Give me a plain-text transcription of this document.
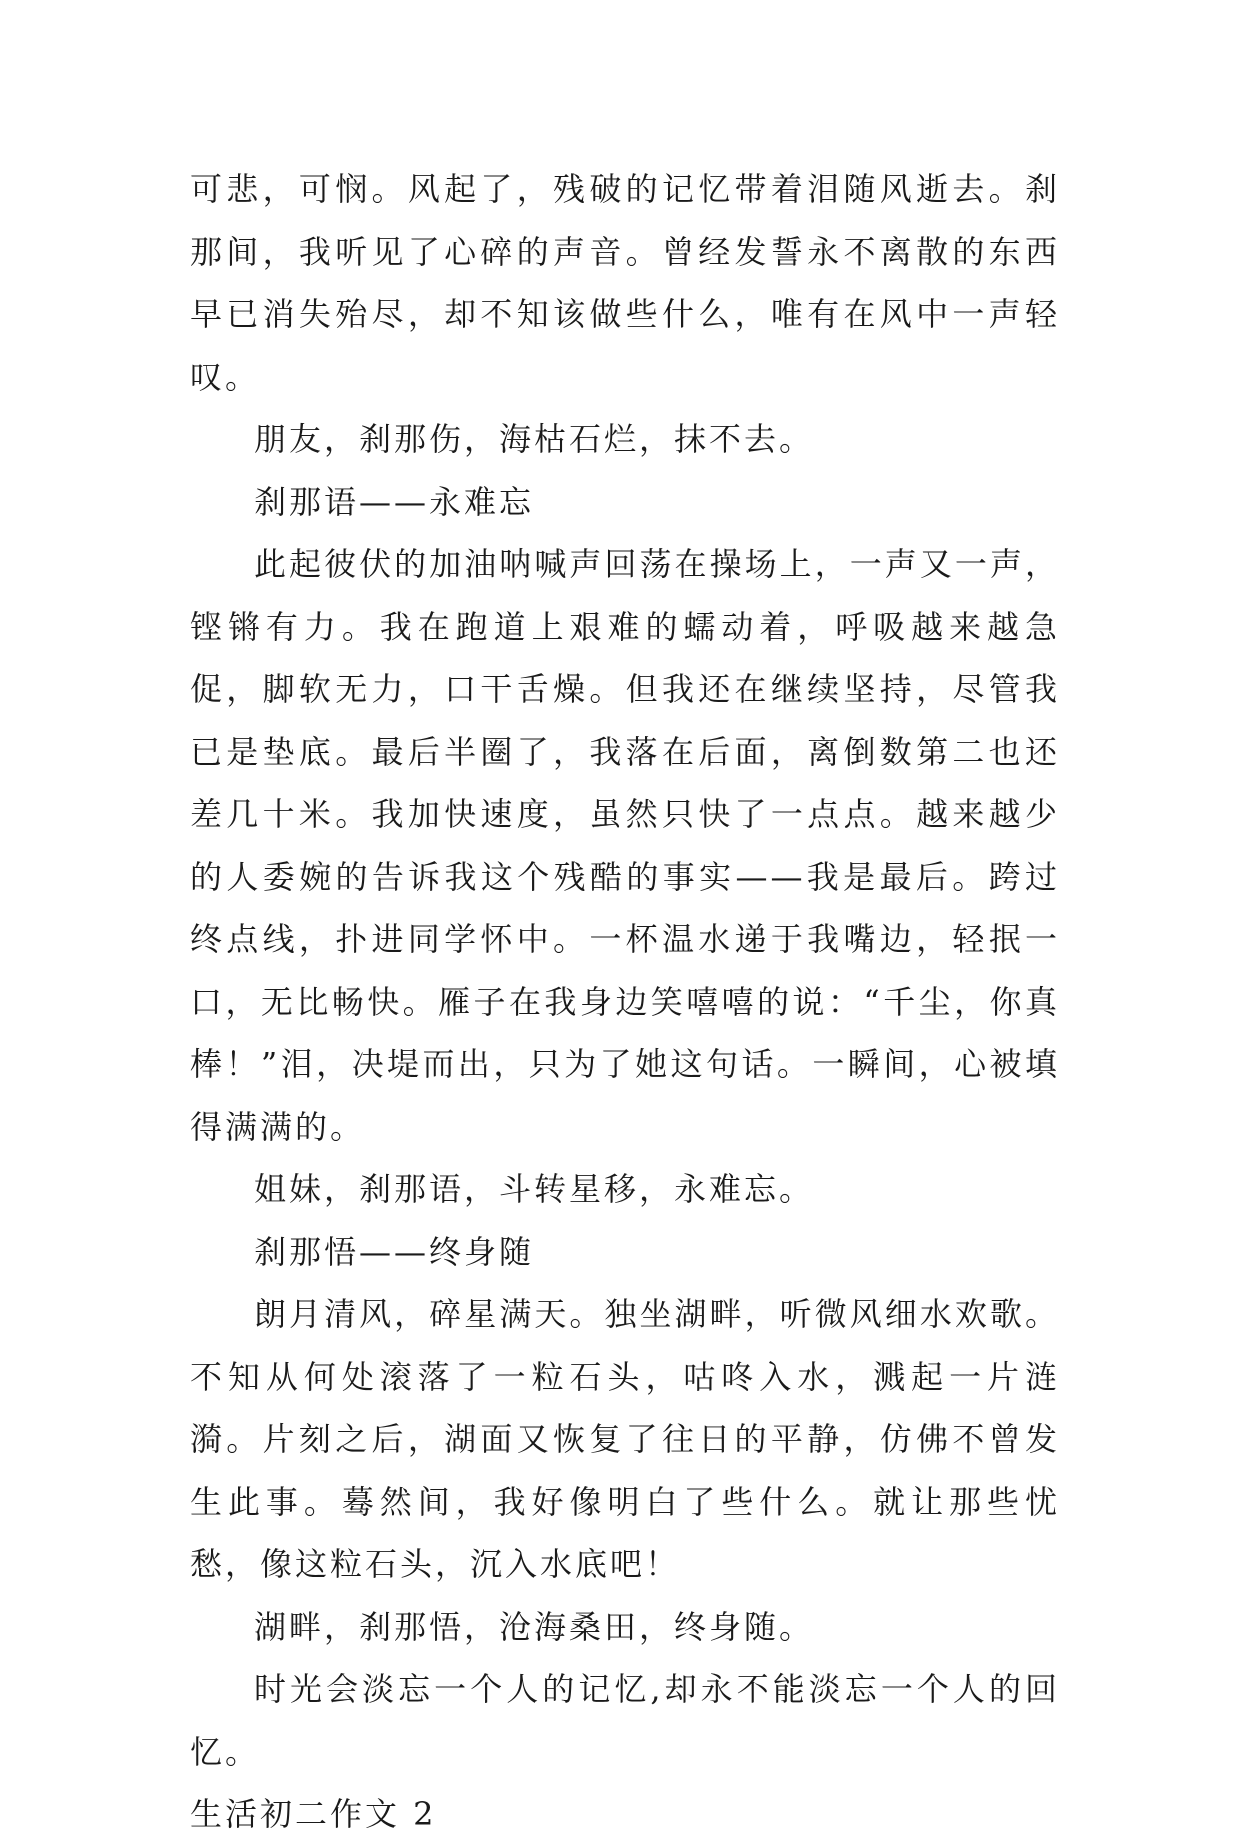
可悲，可悯。风起了，残破的记忆带着泪随风逝去。刹那间，我听见了心碎的声音。曾经发誓永不离散的东西早已消失殆尽，却不知该做些什么，唯有在风中一声轻叹。

朋友，刹那伤，海枯石烂，抹不去。

刹那语——永难忘

此起彼伏的加油呐喊声回荡在操场上，一声又一声，铿锵有力。我在跑道上艰难的蠕动着，呼吸越来越急促，脚软无力，口干舌燥。但我还在继续坚持，尽管我已是垫底。最后半圈了，我落在后面，离倒数第二也还差几十米。我加快速度，虽然只快了一点点。越来越少的人委婉的告诉我这个残酷的事实——我是最后。跨过终点线，扑进同学怀中。一杯温水递于我嘴边，轻抿一口，无比畅快。雁子在我身边笑嘻嘻的说：“千尘，你真棒！”泪，决堤而出，只为了她这句话。一瞬间，心被填得满满的。

姐妹，刹那语，斗转星移，永难忘。

刹那悟——终身随

朗月清风，碎星满天。独坐湖畔，听微风细水欢歌。不知从何处滚落了一粒石头，咕咚入水，溅起一片涟漪。片刻之后，湖面又恢复了往日的平静，仿佛不曾发生此事。蓦然间，我好像明白了些什么。就让那些忧愁，像这粒石头，沉入水底吧！

湖畔，刹那悟，沧海桑田，终身随。

时光会淡忘一个人的记忆,却永不能淡忘一个人的回忆。

生活初二作文 2
